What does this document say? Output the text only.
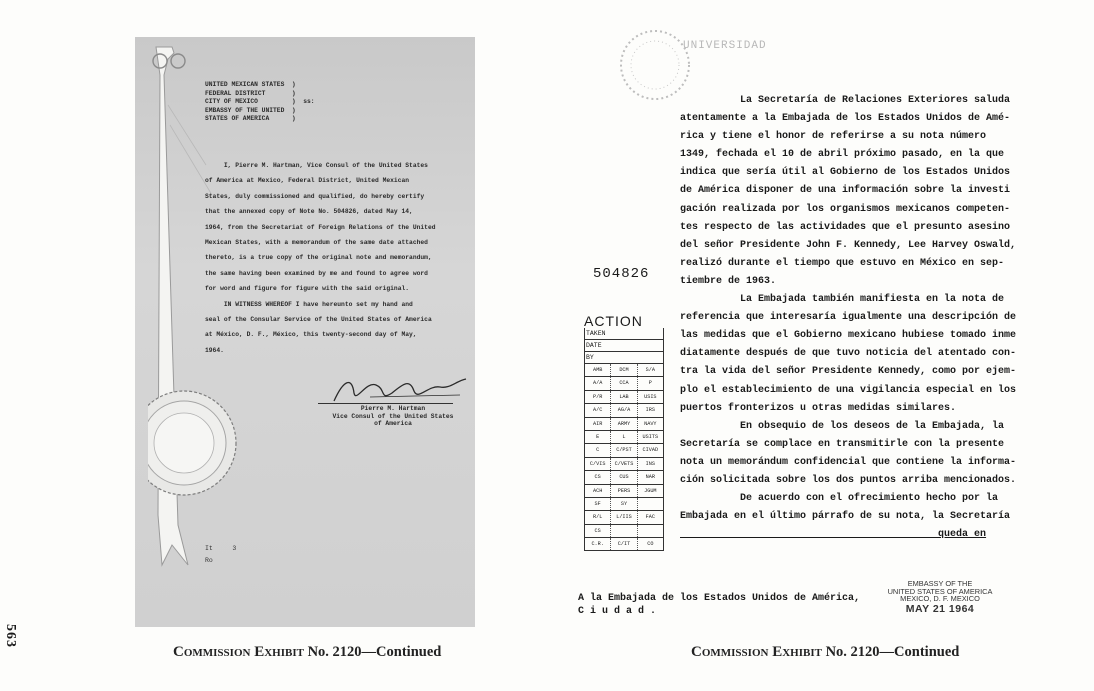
UNITED MEXICAN STATES  )
FEDERAL DISTRICT       )
CITY OF MEXICO         )  ss:
EMBASSY OF THE UNITED  )
STATES OF AMERICA      )
I, Pierre M. Hartman, Vice Consul of the United States
of America at Mexico, Federal District, United Mexican
States, duly commissioned and qualified, do hereby certify
that the annexed copy of Note No. 504826, dated May 14,
1964, from the Secretariat of Foreign Relations of the United
Mexican States, with a memorandum of the same date attached
thereto, is a true copy of the original note and memorandum,
the same having been examined by me and found to agree word
for word and figure for figure with the said original.
IN WITNESS WHEREOF I have hereunto set my hand and
seal of the Consular Service of the United States of America
at México, D. F., México, this twenty-second day of May,
1964.
Pierre M. Hartman
Vice Consul of the United States
of America
It	3
Ro
563
Commission Exhibit No. 2120—Continued
UNIVERSIDAD
504826
ACTION
TAKEN
DATE
BY
AMB	DCM	S/A
A/A	CCA	P
P/R	LAB	USIS
A/C	AG/A	IRS
AIR	ARMY	NAVY
E	L	USITS
C	C/PST	CIVAD
C/VIS	C/VETS	INS
CS	CUS	NAR
ACH	PERS	JGUM
SF	SY
R/L	L/IIS	FAC
CS
C.R.	C/IT	CO
La Secretaría de Relaciones Exteriores saluda
atentamente a la Embajada de los Estados Unidos de Amé-
rica y tiene el honor de referirse a su nota número
1349, fechada el 10 de abril próximo pasado, en la que
indica que sería útil al Gobierno de los Estados Unidos
de América disponer de una información sobre la investi
gación realizada por los organismos mexicanos competen-
tes respecto de las actividades que el presunto asesino
del señor Presidente John F. Kennedy, Lee Harvey Oswald,
realizó durante el tiempo que estuvo en México en sep-
tiembre de 1963.
La Embajada también manifiesta en la nota de
referencia que interesaría igualmente una descripción de
las medidas que el Gobierno mexicano hubiese tomado inme
diatamente después de que tuvo noticia del atentado con-
tra la vida del señor Presidente Kennedy, como por ejem-
plo el establecimiento de una vigilancia especial en los
puertos fronterizos u otras medidas similares.
En obsequio de los deseos de la Embajada, la
Secretaría se complace en transmitirle con la presente
nota un memorándum confidencial que contiene la informa-
ción solicitada sobre los dos puntos arriba mencionados.
De acuerdo con el ofrecimiento hecho por la
Embajada en el último párrafo de su nota, la Secretaría
queda en
A la Embajada de los Estados Unidos de América,
C i u d a d .
EMBASSY OF THE
UNITED STATES OF AMERICA
MEXICO, D. F. MEXICO
MAY 21 1964
Commission Exhibit No. 2120—Continued
